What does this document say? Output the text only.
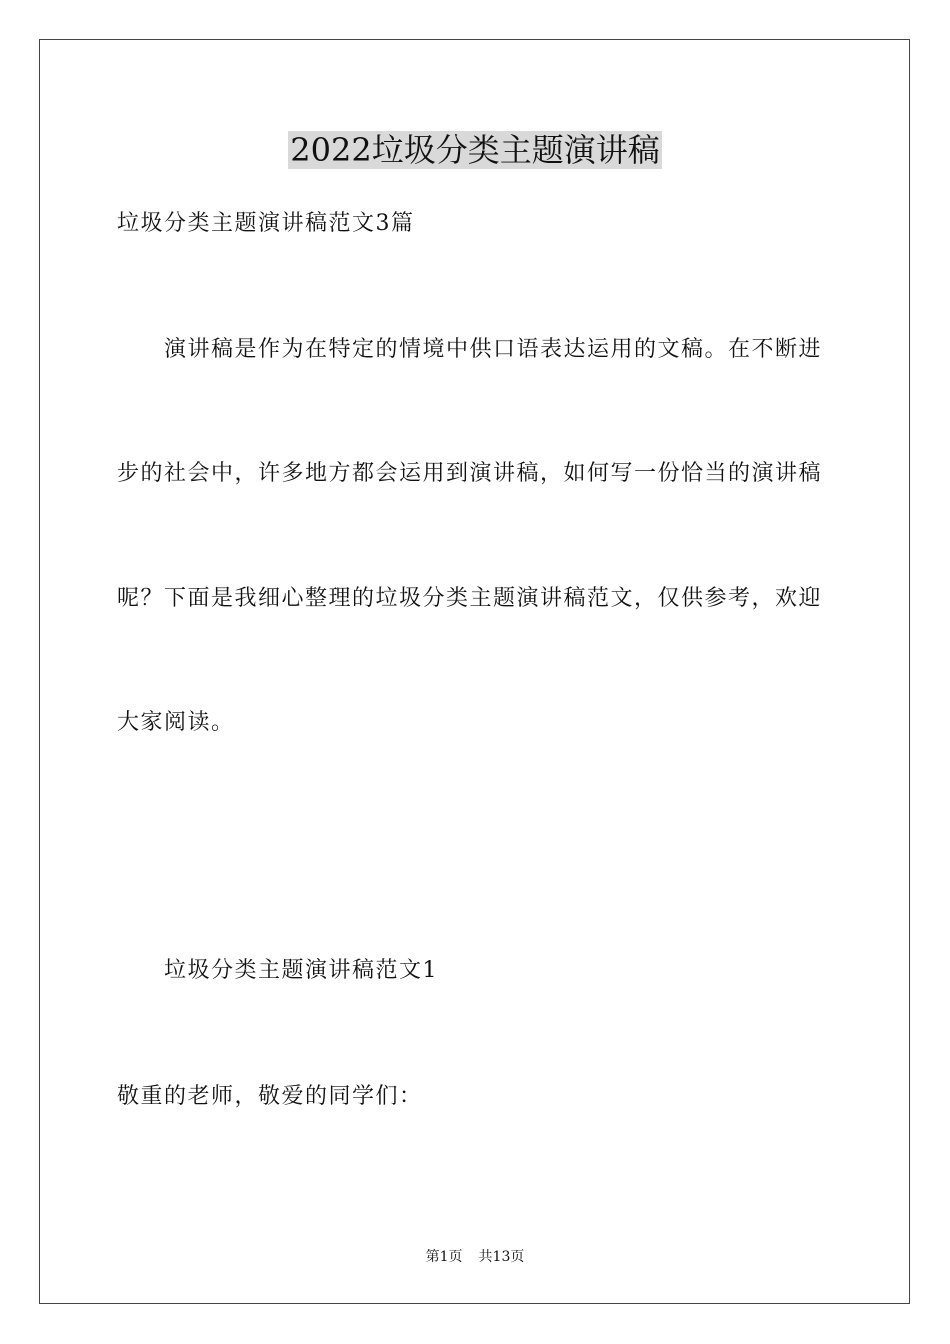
2022垃圾分类主题演讲稿
垃圾分类主题演讲稿范文3篇
演讲稿是作为在特定的情境中供口语表达运用的文稿。在不断进
步的社会中，许多地方都会运用到演讲稿，如何写一份恰当的演讲稿
呢？下面是我细心整理的垃圾分类主题演讲稿范文，仅供参考，欢迎
大家阅读。
垃圾分类主题演讲稿范文1
敬重的老师，敬爱的同学们：
第1页 共13页
